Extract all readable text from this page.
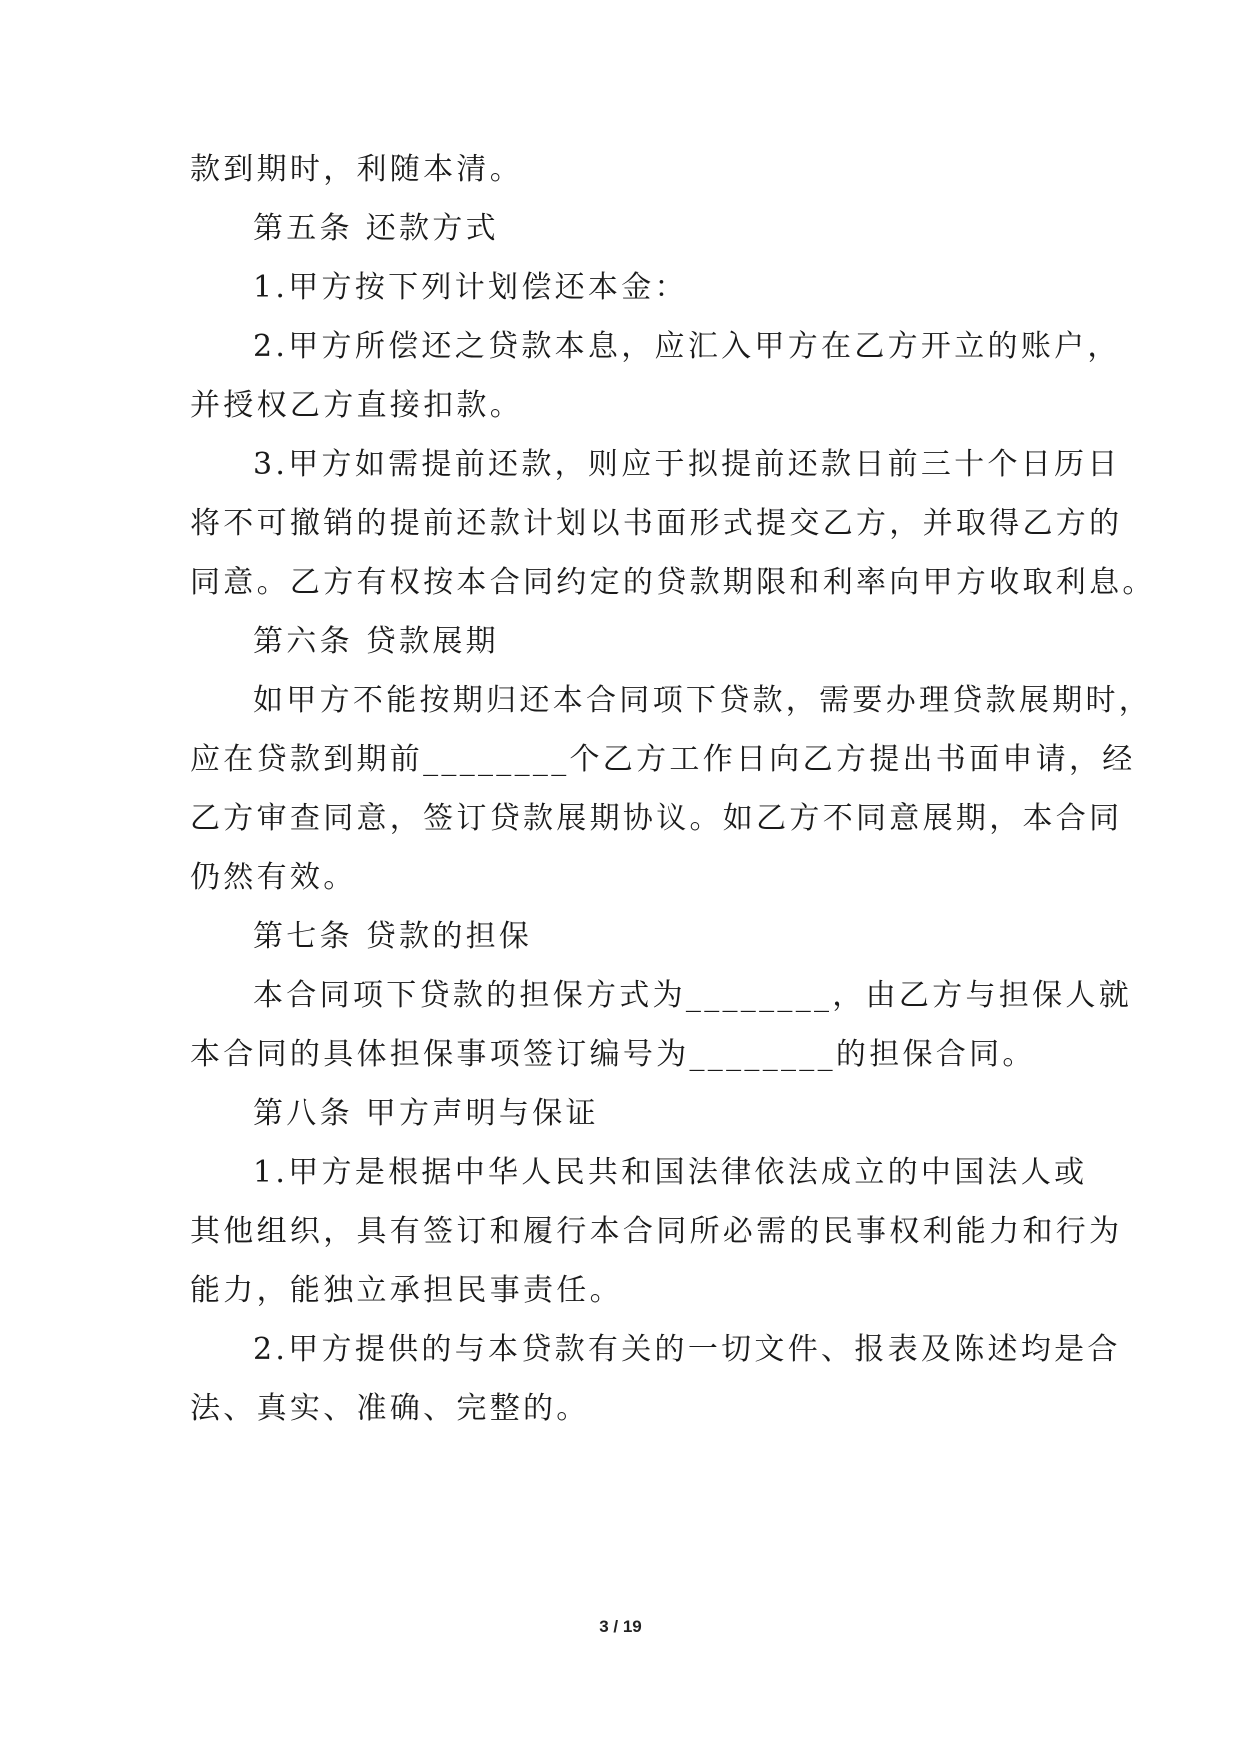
款到期时，利随本清。
第五条 还款方式
1.甲方按下列计划偿还本金：
2.甲方所偿还之贷款本息，应汇入甲方在乙方开立的账户，
并授权乙方直接扣款。
3.甲方如需提前还款，则应于拟提前还款日前三十个日历日
将不可撤销的提前还款计划以书面形式提交乙方，并取得乙方的
同意。乙方有权按本合同约定的贷款期限和利率向甲方收取利息。
第六条 贷款展期
如甲方不能按期归还本合同项下贷款，需要办理贷款展期时，
应在贷款到期前________个乙方工作日向乙方提出书面申请，经
乙方审查同意，签订贷款展期协议。如乙方不同意展期，本合同
仍然有效。
第七条 贷款的担保
本合同项下贷款的担保方式为________，由乙方与担保人就
本合同的具体担保事项签订编号为________的担保合同。
第八条 甲方声明与保证
1.甲方是根据中华人民共和国法律依法成立的中国法人或
其他组织，具有签订和履行本合同所必需的民事权利能力和行为
能力，能独立承担民事责任。
2.甲方提供的与本贷款有关的一切文件、报表及陈述均是合
法、真实、准确、完整的。
3 / 19
